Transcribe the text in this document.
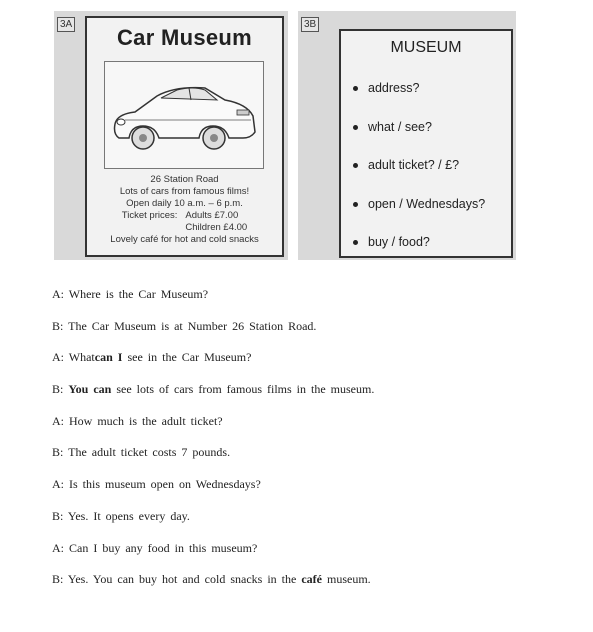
3A
Car Museum
26 Station Road
Lots of cars from famous films!
Open daily 10 a.m. – 6 p.m.
Ticket prices: Adults £7.00
Children £4.00
Lovely café for hot and cold snacks
3B
MUSEUM
address?
what / see?
adult ticket? / £?
open / Wednesdays?
buy / food?
A: Where is the Car Museum?
B: The Car Museum is at Number 26 Station Road.
A: Whatcan I see in the Car Museum?
B: You can see lots of cars from famous films in the museum.
A: How much is the adult ticket?
B: The adult ticket costs 7 pounds.
A: Is this museum open on Wednesdays?
B: Yes. It opens every day.
A: Can I buy any food in this museum?
B: Yes. You can buy hot and cold snacks in the café museum.
